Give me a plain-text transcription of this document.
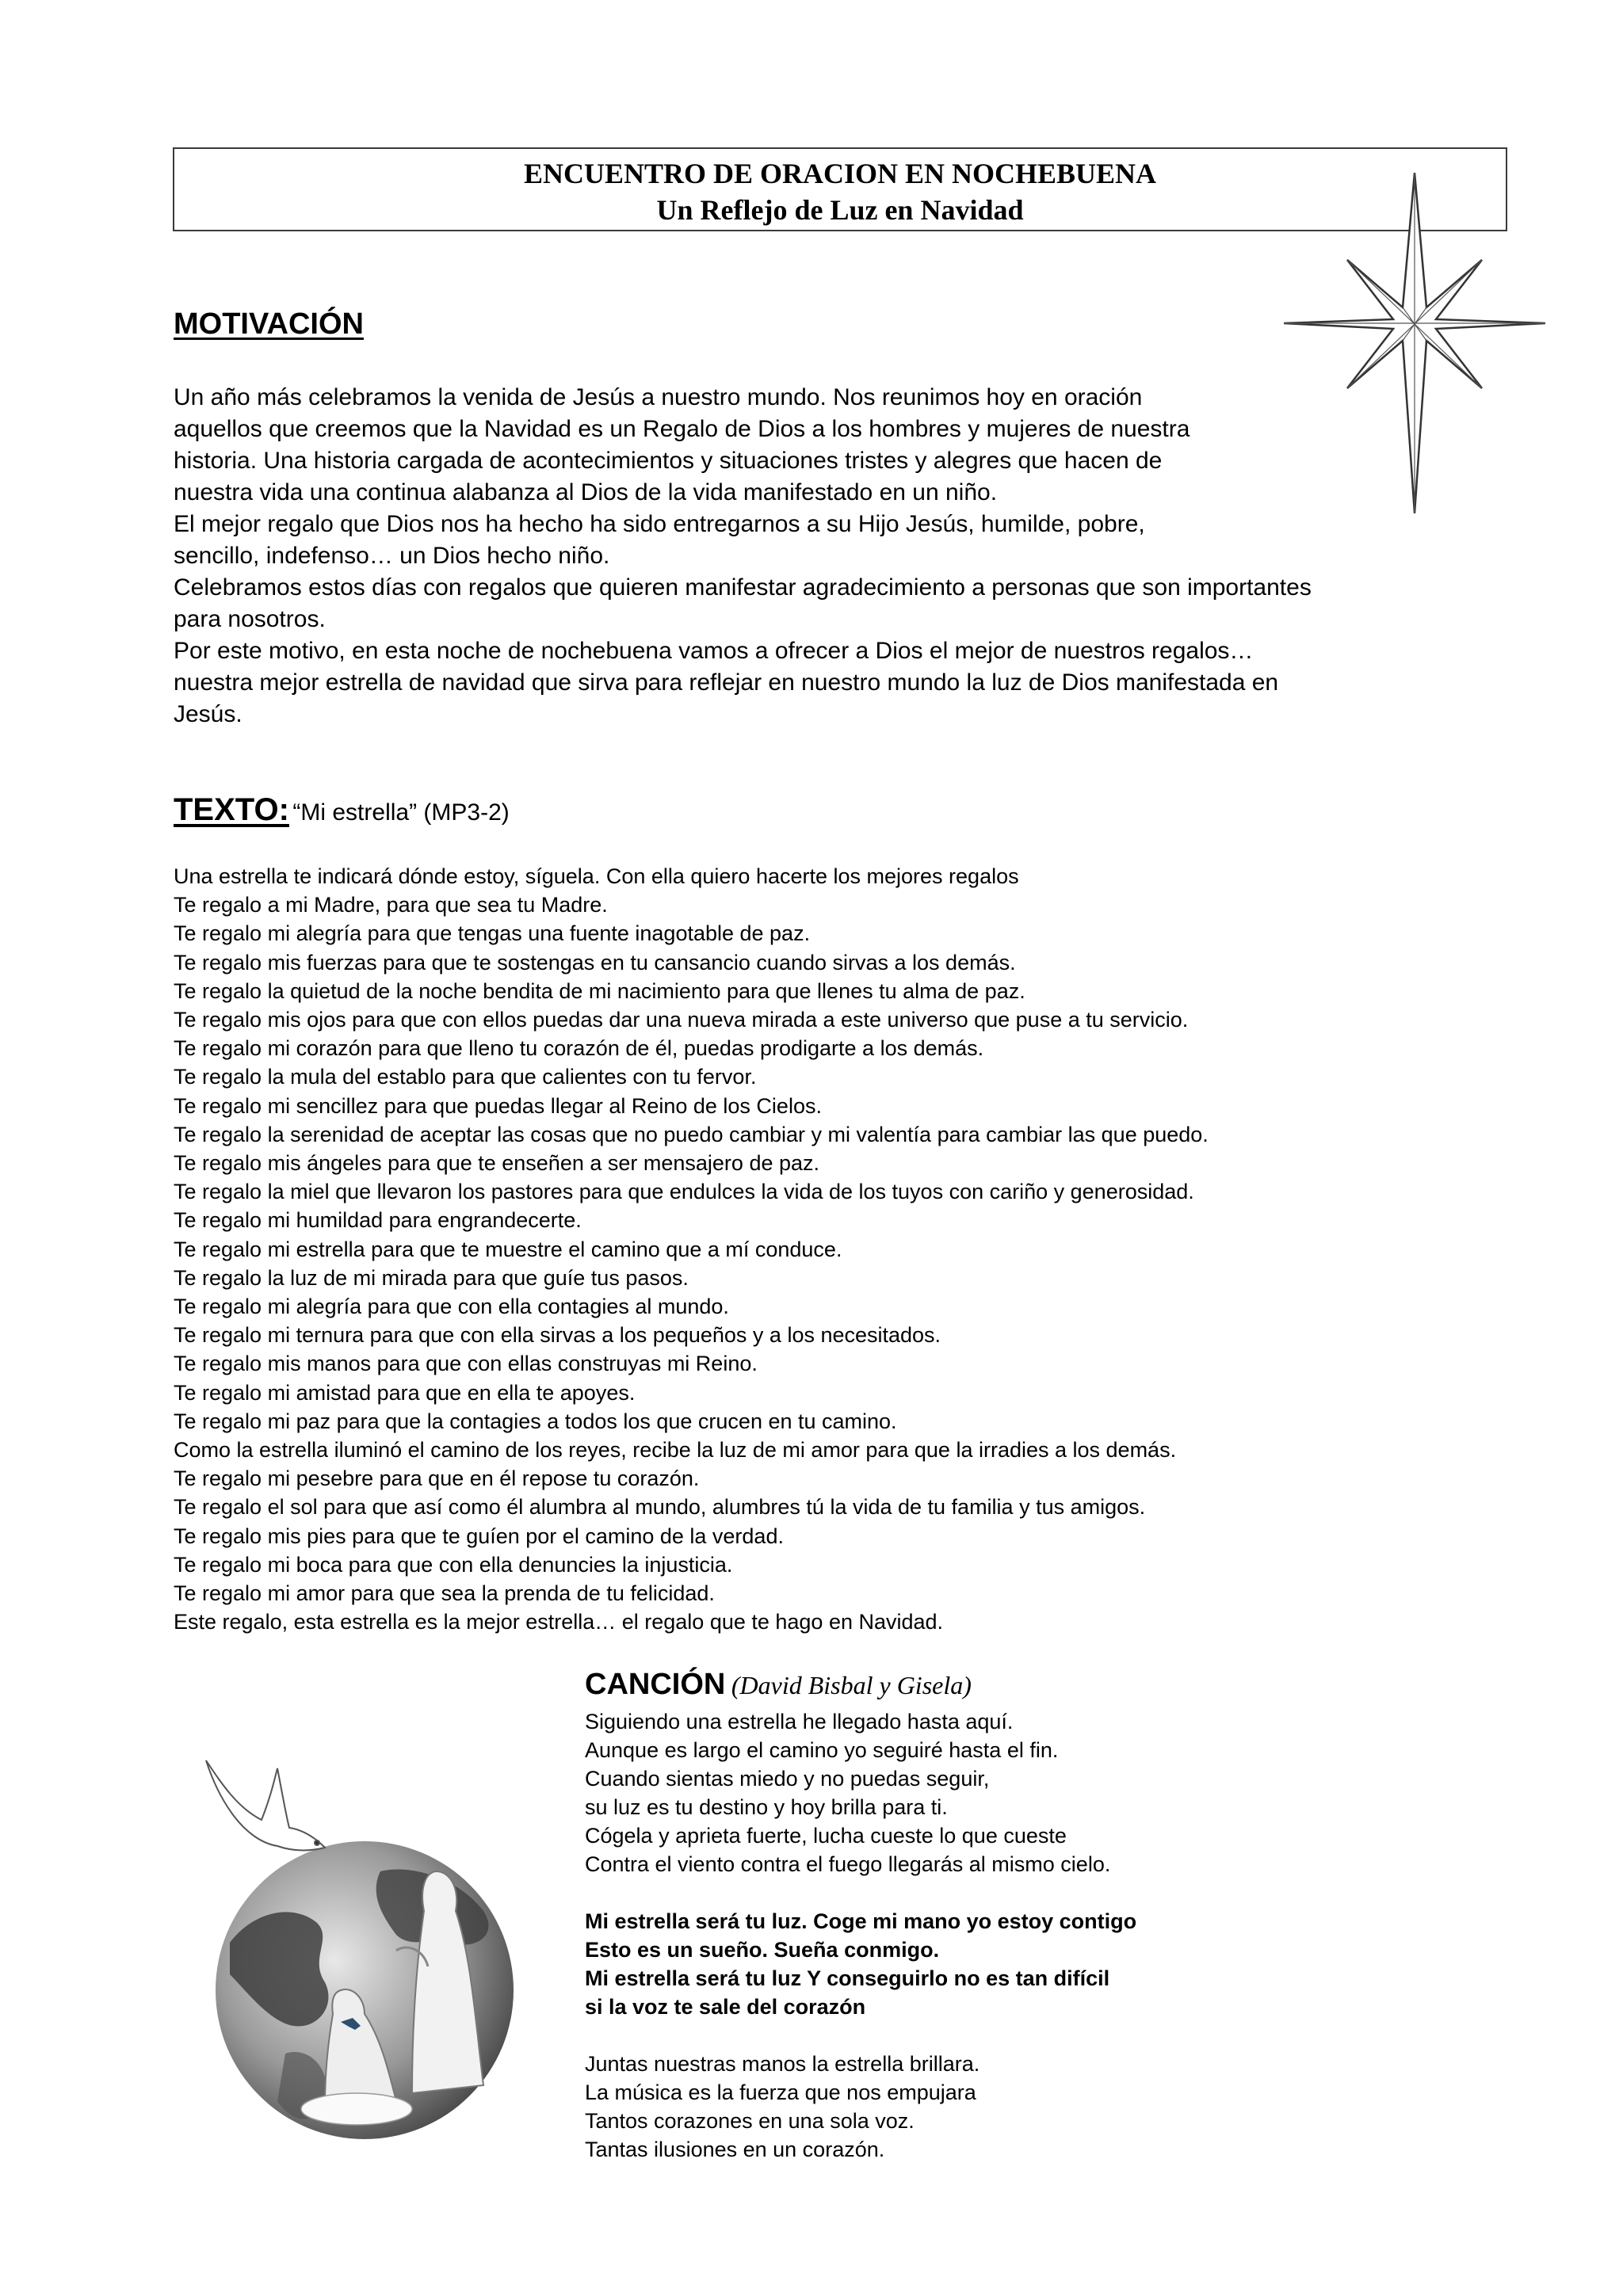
ENCUENTRO DE ORACION EN NOCHEBUENA
Un Reflejo de Luz en Navidad
MOTIVACIÓN
Un año más celebramos la venida de Jesús a nuestro mundo. Nos reunimos hoy en oración
aquellos que creemos que la Navidad es un Regalo de Dios a los hombres y mujeres de nuestra
historia. Una historia cargada de acontecimientos y situaciones tristes y alegres que hacen de
nuestra vida una continua alabanza al Dios de la vida manifestado en un niño.
El mejor regalo que Dios nos ha hecho ha sido entregarnos a su Hijo Jesús, humilde, pobre,
sencillo, indefenso… un Dios hecho niño.
Celebramos estos días con regalos que quieren manifestar agradecimiento a personas que son importantes
para nosotros.
Por este motivo, en esta noche de nochebuena vamos a ofrecer a Dios el mejor de nuestros regalos…
nuestra mejor estrella de navidad que sirva para reflejar en nuestro mundo la luz de Dios manifestada en
Jesús.
TEXTO: “Mi estrella” (MP3-2)
Una estrella te indicará dónde estoy, síguela. Con ella quiero hacerte los mejores regalos
Te regalo a mi Madre, para que sea tu Madre.
Te regalo mi alegría para que tengas una fuente inagotable de paz.
Te regalo mis fuerzas para que te sostengas en tu cansancio cuando sirvas a los demás.
Te regalo la quietud de la noche bendita de mi nacimiento para que llenes tu alma de paz.
Te regalo mis ojos para que con ellos puedas dar una nueva mirada a este universo que puse a tu servicio.
Te regalo mi corazón para que lleno tu corazón de él, puedas prodigarte a los demás.
Te regalo la mula del establo para que calientes con tu fervor.
Te regalo mi sencillez para que puedas llegar al Reino de los Cielos.
Te regalo la serenidad de aceptar las cosas que no puedo cambiar y mi valentía para cambiar las que puedo.
Te regalo mis ángeles para que te enseñen a ser mensajero de paz.
Te regalo la miel que llevaron los pastores para que endulces la vida de los tuyos con cariño y generosidad.
Te regalo mi humildad para engrandecerte.
Te regalo mi estrella para que te muestre el camino que a mí conduce.
Te regalo la luz de mi mirada para que guíe tus pasos.
Te regalo mi alegría para que con ella contagies al mundo.
Te regalo mi ternura para que con ella sirvas a los pequeños y a los necesitados.
Te regalo mis manos para que con ellas construyas mi Reino.
Te regalo mi amistad para que en ella te apoyes.
Te regalo mi paz para que la contagies a todos los que crucen en tu camino.
Como la estrella iluminó el camino de los reyes, recibe la luz de mi amor para que la irradies a los demás.
Te regalo mi pesebre para que en él repose tu corazón.
Te regalo el sol para que así como él alumbra al mundo, alumbres tú la vida de tu familia y tus amigos.
Te regalo mis pies para que te guíen por el camino de la verdad.
Te regalo mi boca para que con ella denuncies la injusticia.
Te regalo mi amor para que sea la prenda de tu felicidad.
Este regalo, esta estrella es la mejor estrella… el regalo que te hago en Navidad.
CANCIÓN (David Bisbal y Gisela)
Siguiendo una estrella he llegado hasta aquí.
Aunque es largo el camino yo seguiré hasta el fin.
Cuando sientas miedo y no puedas seguir,
su luz es tu destino y hoy brilla para ti.
Cógela y aprieta fuerte, lucha cueste lo que cueste
Contra el viento contra el fuego llegarás al mismo cielo.
Mi estrella será tu luz. Coge mi mano yo estoy contigo
Esto es un sueño. Sueña conmigo.
Mi estrella será tu luz Y conseguirlo no es tan difícil
si la voz te sale del corazón
Juntas nuestras manos la estrella brillara.
La música es la fuerza que nos empujara
Tantos corazones en una sola voz.
Tantas ilusiones en un corazón.
